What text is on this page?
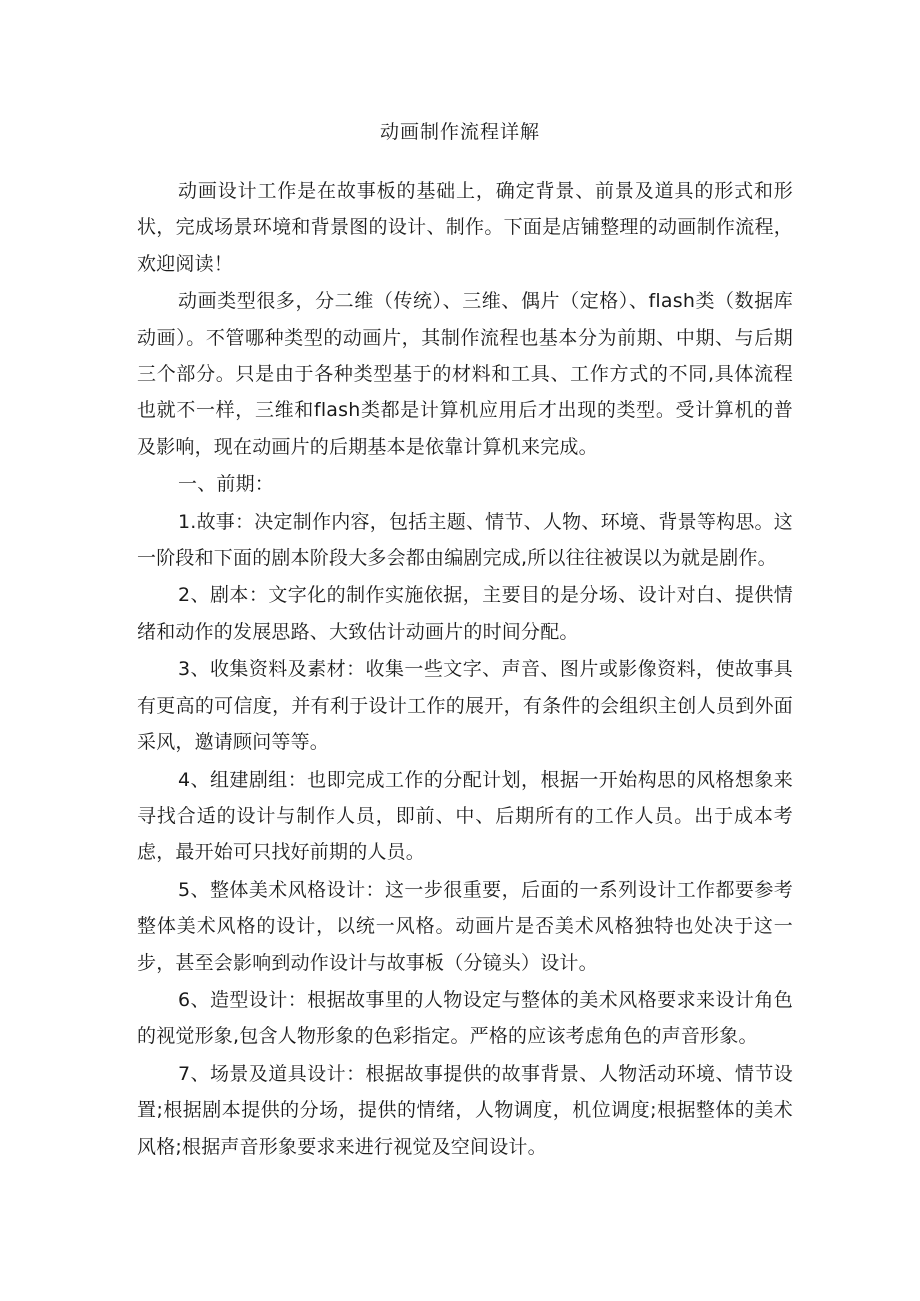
动画制作流程详解

动画设计工作是在故事板的基础上，确定背景、前景及道具的形式和形状，完成场景环境和背景图的设计、制作。下面是店铺整理的动画制作流程，欢迎阅读！

动画类型很多，分二维（传统）、三维、偶片（定格）、flash类（数据库动画）。不管哪种类型的动画片，其制作流程也基本分为前期、中期、与后期三个部分。只是由于各种类型基于的材料和工具、工作方式的不同,具体流程也就不一样，三维和flash类都是计算机应用后才出现的类型。受计算机的普及影响，现在动画片的后期基本是依靠计算机来完成。

一、前期：

1.故事：决定制作内容，包括主题、情节、人物、环境、背景等构思。这一阶段和下面的剧本阶段大多会都由编剧完成,所以往往被误以为就是剧作。

2、剧本：文字化的制作实施依据，主要目的是分场、设计对白、提供情绪和动作的发展思路、大致估计动画片的时间分配。

3、收集资料及素材：收集一些文字、声音、图片或影像资料，使故事具有更高的可信度，并有利于设计工作的展开，有条件的会组织主创人员到外面采风，邀请顾问等等。

4、组建剧组：也即完成工作的分配计划，根据一开始构思的风格想象来寻找合适的设计与制作人员，即前、中、后期所有的工作人员。出于成本考虑，最开始可只找好前期的人员。

5、整体美术风格设计：这一步很重要，后面的一系列设计工作都要参考整体美术风格的设计，以统一风格。动画片是否美术风格独特也处决于这一步，甚至会影响到动作设计与故事板（分镜头）设计。

6、造型设计：根据故事里的人物设定与整体的美术风格要求来设计角色的视觉形象,包含人物形象的色彩指定。严格的应该考虑角色的声音形象。

7、场景及道具设计：根据故事提供的故事背景、人物活动环境、情节设置;根据剧本提供的分场，提供的情绪，人物调度，机位调度;根据整体的美术风格;根据声音形象要求来进行视觉及空间设计。
